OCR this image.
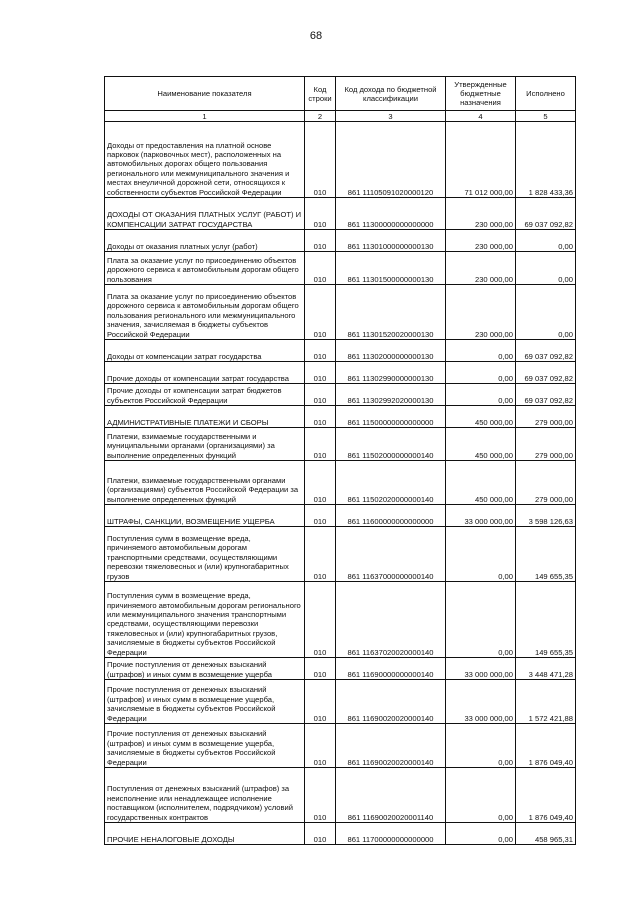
68
Наименование показателя	Код строки	Код дохода по бюджетной классификации	Утвержденные бюджетные назначения	Исполнено
1	2	3	4	5
Доходы от предоставления на платной основе парковок (парковочных мест), расположенных на автомобильных дорогах общего пользования регионального или межмуниципального значения и местах внеуличной дорожной сети, относящихся к собственности субъектов Российской Федерации	010	861 11105091020000120	71 012 000,00	1 828 433,36
ДОХОДЫ ОТ ОКАЗАНИЯ ПЛАТНЫХ УСЛУГ (РАБОТ) И КОМПЕНСАЦИИ ЗАТРАТ ГОСУДАРСТВА	010	861 11300000000000000	230 000,00	69 037 092,82
Доходы от оказания платных услуг (работ)	010	861 11301000000000130	230 000,00	0,00
Плата за оказание услуг по присоединению объектов дорожного сервиса к автомобильным дорогам общего пользования	010	861 11301500000000130	230 000,00	0,00
Плата за оказание услуг по присоединению объектов дорожного сервиса к автомобильным дорогам общего пользования регионального или межмуниципального значения, зачисляемая в бюджеты субъектов Российской Федерации	010	861 11301520020000130	230 000,00	0,00
Доходы от компенсации затрат государства	010	861 11302000000000130	0,00	69 037 092,82
Прочие доходы от компенсации затрат государства	010	861 11302990000000130	0,00	69 037 092,82
Прочие доходы от компенсации затрат бюджетов субъектов Российской Федерации	010	861 11302992020000130	0,00	69 037 092,82
АДМИНИСТРАТИВНЫЕ ПЛАТЕЖИ И СБОРЫ	010	861 11500000000000000	450 000,00	279 000,00
Платежи, взимаемые государственными и муниципальными органами (организациями) за выполнение определенных функций	010	861 11502000000000140	450 000,00	279 000,00
Платежи, взимаемые государственными органами (организациями) субъектов Российской Федерации за выполнение определенных функций	010	861 11502020000000140	450 000,00	279 000,00
ШТРАФЫ, САНКЦИИ, ВОЗМЕЩЕНИЕ УЩЕРБА	010	861 11600000000000000	33 000 000,00	3 598 126,63
Поступления сумм в возмещение вреда, причиняемого автомобильным дорогам транспортными средствами, осуществляющими перевозки тяжеловесных и (или) крупногабаритных грузов	010	861 11637000000000140	0,00	149 655,35
Поступления сумм в возмещение вреда, причиняемого автомобильным дорогам регионального или межмуниципального значения транспортными средствами, осуществляющими перевозки тяжеловесных и (или) крупногабаритных грузов, зачисляемые в бюджеты субъектов Российской Федерации	010	861 11637020020000140	0,00	149 655,35
Прочие поступления от денежных взысканий (штрафов) и иных сумм в возмещение ущерба	010	861 11690000000000140	33 000 000,00	3 448 471,28
Прочие поступления от денежных взысканий (штрафов) и иных сумм в возмещение ущерба, зачисляемые в бюджеты субъектов Российской Федерации	010	861 11690020020000140	33 000 000,00	1 572 421,88
Прочие поступления от денежных взысканий (штрафов) и иных сумм в возмещение ущерба, зачисляемые в бюджеты субъектов Российской Федерации	010	861 11690020020000140	0,00	1 876 049,40
Поступления от денежных взысканий (штрафов) за неисполнение или ненадлежащее исполнение поставщиком (исполнителем, подрядчиком) условий государственных контрактов	010	861 11690020020001140	0,00	1 876 049,40
ПРОЧИЕ НЕНАЛОГОВЫЕ ДОХОДЫ	010	861 11700000000000000	0,00	458 965,31
